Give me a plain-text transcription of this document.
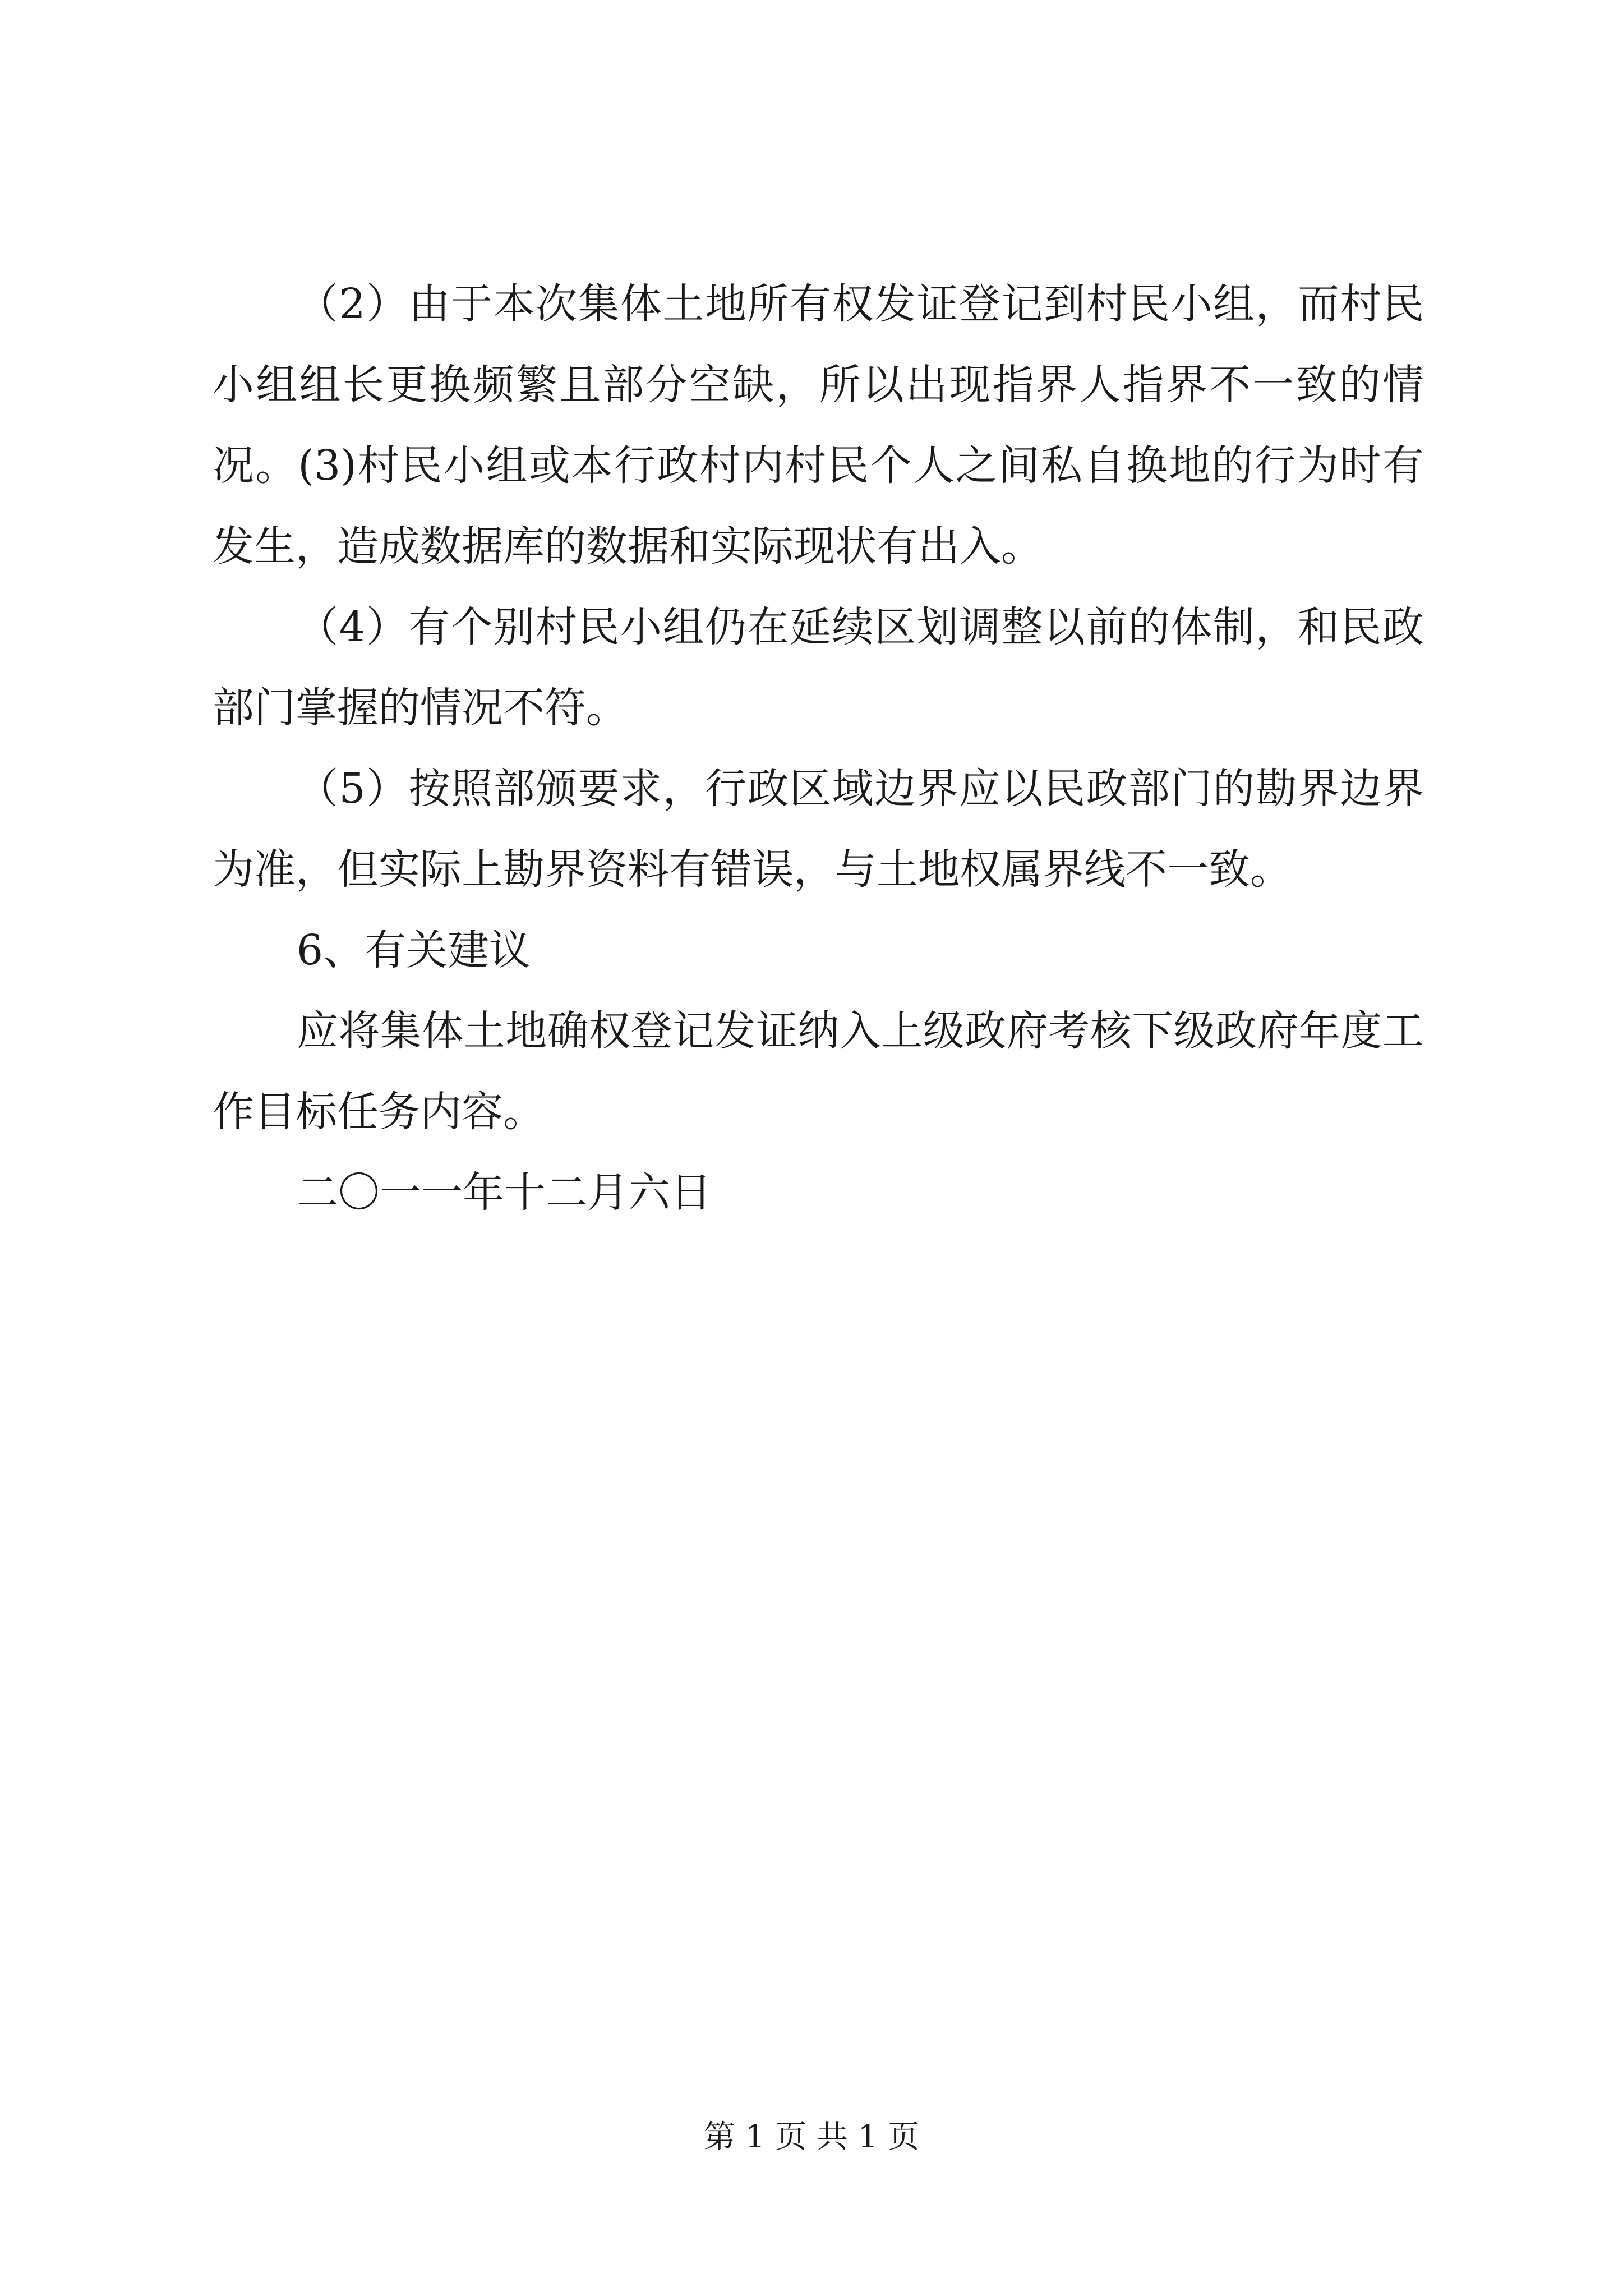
（2）由于本次集体土地所有权发证登记到村民小组，而村民小组组长更换频繁且部分空缺，所以出现指界人指界不一致的情况。(3)村民小组或本行政村内村民个人之间私自换地的行为时有发生，造成数据库的数据和实际现状有出入。

（4）有个别村民小组仍在延续区划调整以前的体制，和民政部门掌握的情况不符。

（5）按照部颁要求，行政区域边界应以民政部门的勘界边界为准，但实际上勘界资料有错误，与土地权属界线不一致。

6、有关建议

应将集体土地确权登记发证纳入上级政府考核下级政府年度工作目标任务内容。

二〇一一年十二月六日

第 1 页 共 1 页
